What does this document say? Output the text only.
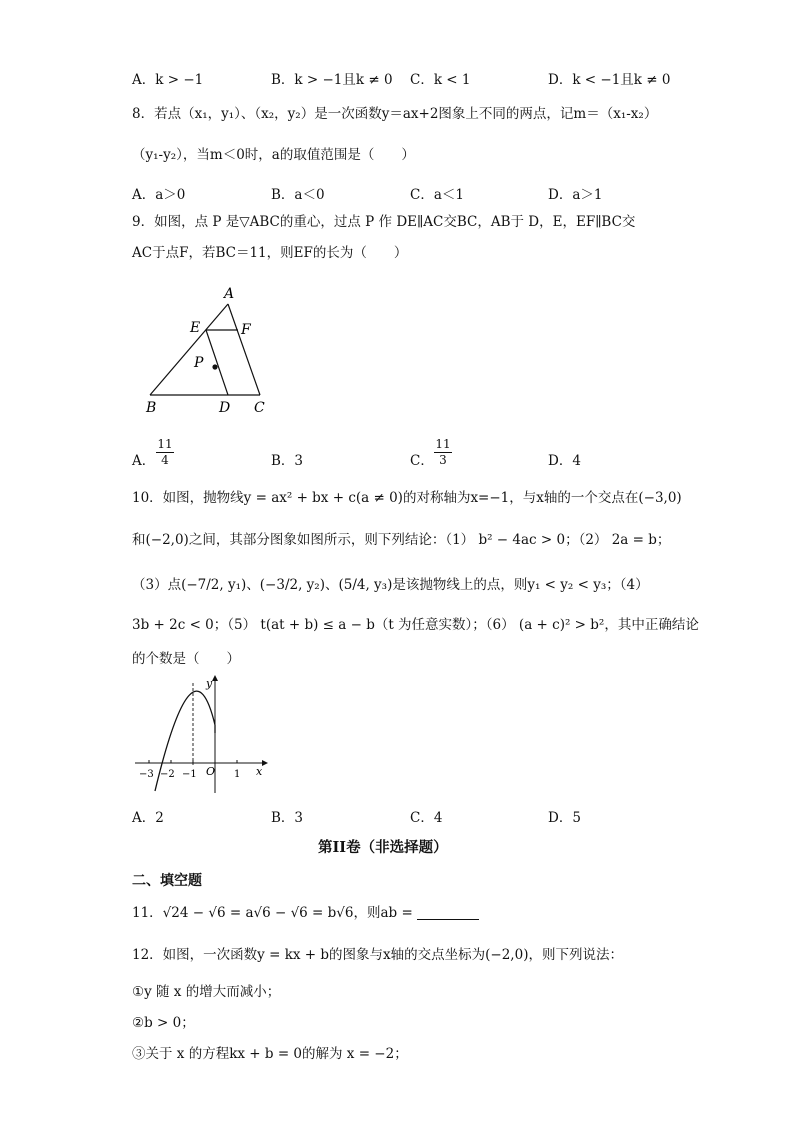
A．k > −1	B．k > −1且k ≠ 0 C．k < 1	D．k < −1且k ≠ 0
8．若点（x₁，y₁）、（x₂，y₂）是一次函数y＝ax+2图象上不同的两点，记m＝（x₁-x₂）
（y₁-y₂），当m＜0时，a的取值范围是（　　）
A．a＞0	B．a＜0	C．a＜1	D．a＞1
9．如图，点 P 是▽ABC的重心，过点 P 作 DE∥AC交BC，AB于 D，E，EF∥BC交
AC于点F，若BC＝11，则EF的长为（　　）
A
E	F
P
B	D C
A． $\frac{11}{4}$	B．3	C． $\frac{11}{3}$	D．4
10．如图，抛物线y = ax² + bx + c(a ≠ 0)的对称轴为x=−1，与x轴的一个交点在(−3,0)
和(−2,0)之间，其部分图象如图所示，则下列结论：（1） b² − 4ac > 0；（2） 2a = b；
（3）点(−7/2, y₁)、(−3/2, y₂)、(5/4, y₃)是该抛物线上的点，则y₁ < y₂ < y₃；（4）
3b + 2c < 0；（5） t(at + b) ≤ a − b（t 为任意实数）；（6） (a + c)² > b²，其中正确结论
的个数是（　　）
y
x
O
−3 −2 −1	1
A．2	B．3	C．4	D．5
第II卷（非选择题）
二、填空题
11．√24 − √6 = a√6 − √6 = b√6，则ab =
12．如图，一次函数y = kx + b的图象与x轴的交点坐标为(−2,0)，则下列说法：
①y 随 x 的增大而减小；
②b > 0；
③关于 x 的方程kx + b = 0的解为 x = −2；
